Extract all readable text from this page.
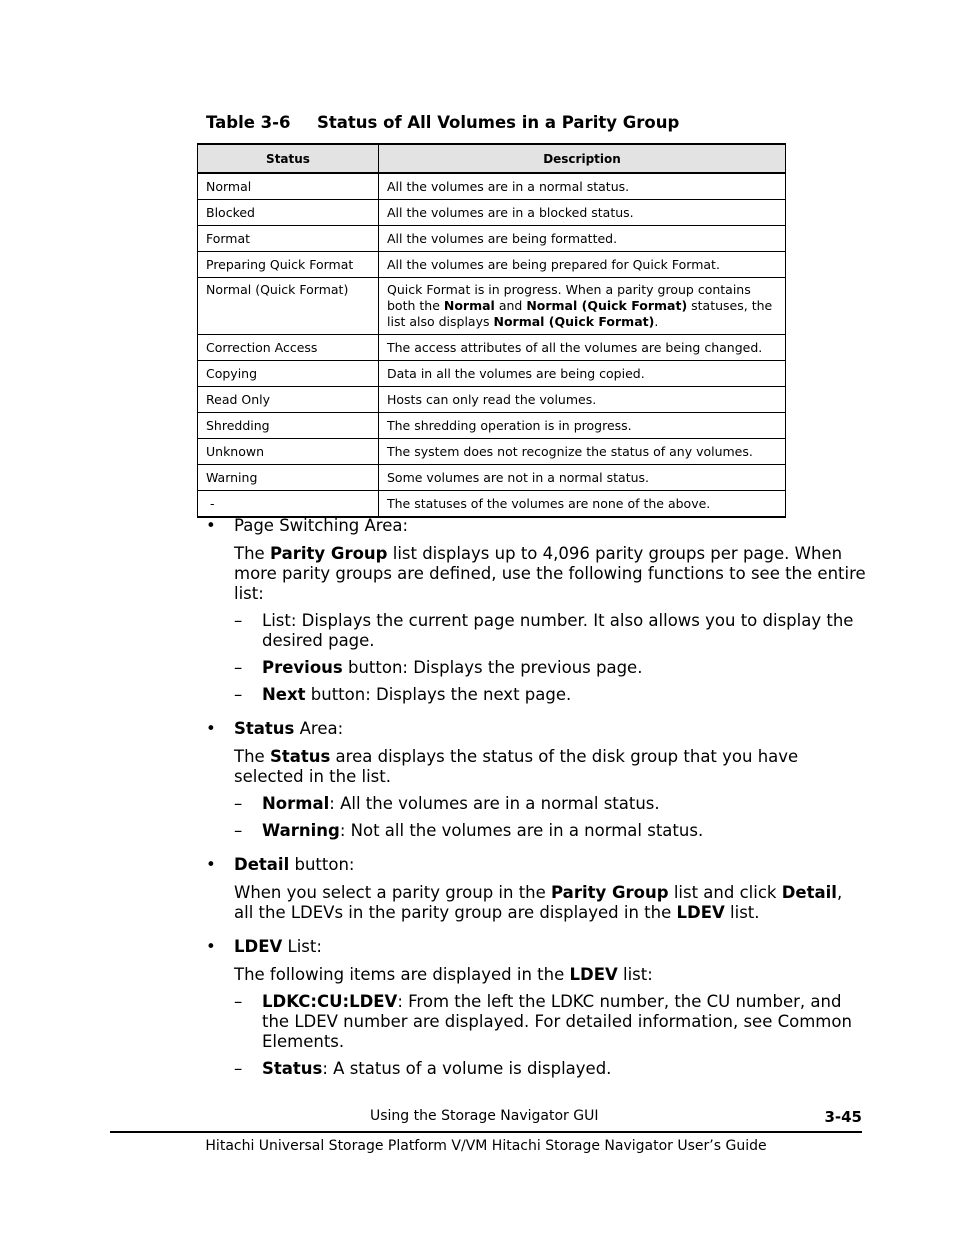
Table 3-6 Status of All Volumes in a Parity Group
Status	Description
Normal	All the volumes are in a normal status.
Blocked	All the volumes are in a blocked status.
Format	All the volumes are being formatted.
Preparing Quick Format	All the volumes are being prepared for Quick Format.
Normal (Quick Format)	Quick Format is in progress. When a parity group contains both the Normal and Normal (Quick Format) statuses, the list also displays Normal (Quick Format).
Correction Access	The access attributes of all the volumes are being changed.
Copying	Data in all the volumes are being copied.
Read Only	Hosts can only read the volumes.
Shredding	The shredding operation is in progress.
Unknown	The system does not recognize the status of any volumes.
Warning	Some volumes are not in a normal status.
-	The statuses of the volumes are none of the above.
• Page Switching Area:
The Parity Group list displays up to 4,096 parity groups per page. When more parity groups are defined, use the following functions to see the entire list:
– List: Displays the current page number. It also allows you to display the desired page.
– Previous button: Displays the previous page.
– Next button: Displays the next page.
• Status Area:
The Status area displays the status of the disk group that you have selected in the list.
– Normal: All the volumes are in a normal status.
– Warning: Not all the volumes are in a normal status.
• Detail button:
When you select a parity group in the Parity Group list and click Detail, all the LDEVs in the parity group are displayed in the LDEV list.
• LDEV List:
The following items are displayed in the LDEV list:
– LDKC:CU:LDEV: From the left the LDKC number, the CU number, and the LDEV number are displayed. For detailed information, see Common Elements.
– Status: A status of a volume is displayed.
Using the Storage Navigator GUI	3-45
Hitachi Universal Storage Platform V/VM Hitachi Storage Navigator User’s Guide
